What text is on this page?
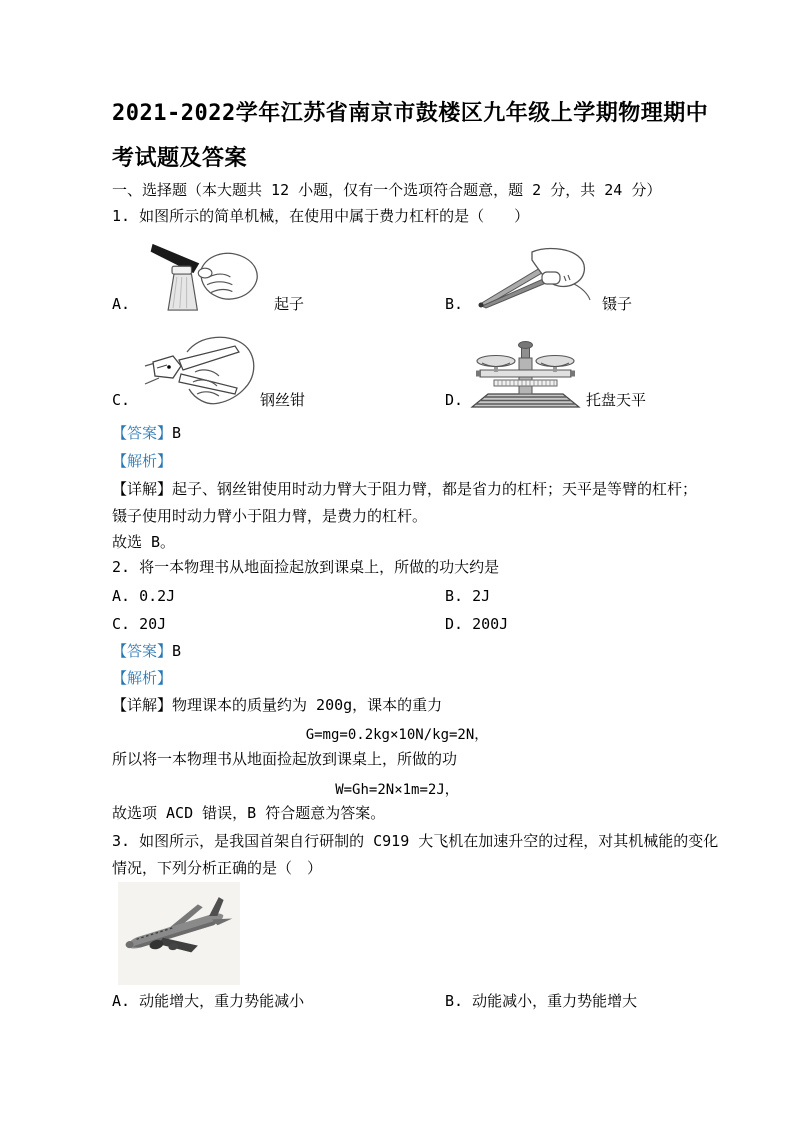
2021-2022学年江苏省南京市鼓楼区九年级上学期物理期中
考试题及答案
一、选择题（本大题共 12 小题，仅有一个选项符合题意，题 2 分，共 24 分）
1. 如图所示的简单机械，在使用中属于费力杠杆的是（　　）
A.	起子	B.	镊子
C.	钢丝钳	D.	托盘天平
【答案】B
【解析】
【详解】起子、钢丝钳使用时动力臂大于阻力臂，都是省力的杠杆；天平是等臂的杠杆；
镊子使用时动力臂小于阻力臂，是费力的杠杆。
故选 B。
2. 将一本物理书从地面捡起放到课桌上，所做的功大约是
A. 0.2J	B. 2J
C. 20J	D. 200J
【答案】B
【解析】
【详解】物理课本的质量约为 200g，课本的重力
G=mg=0.2kg×10N/kg=2N，
所以将一本物理书从地面捡起放到课桌上，所做的功
W=Gh=2N×1m=2J，
故选项 ACD 错误，B 符合题意为答案。
3. 如图所示，是我国首架自行研制的 C919 大飞机在加速升空的过程，对其机械能的变化
情况，下列分析正确的是（　）
A. 动能增大，重力势能减小	B. 动能减小，重力势能增大
